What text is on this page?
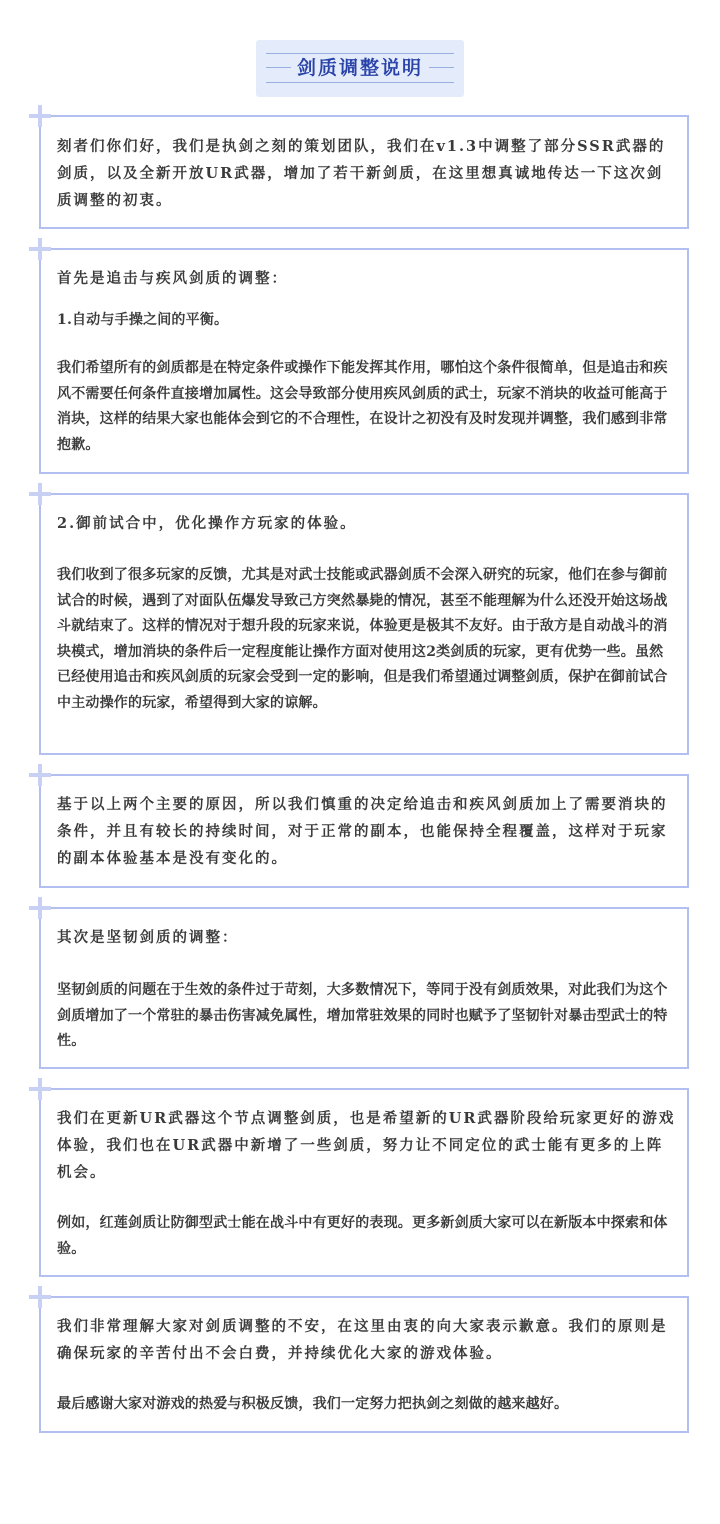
剑质调整说明

刻者们你们好，我们是执剑之刻的策划团队，我们在v1.3中调整了部分SSR武器的剑质，以及全新开放UR武器，增加了若干新剑质，在这里想真诚地传达一下这次剑质调整的初衷。

首先是追击与疾风剑质的调整：

1.自动与手操之间的平衡。

我们希望所有的剑质都是在特定条件或操作下能发挥其作用，哪怕这个条件很简单，但是追击和疾风不需要任何条件直接增加属性。这会导致部分使用疾风剑质的武士，玩家不消块的收益可能高于消块，这样的结果大家也能体会到它的不合理性，在设计之初没有及时发现并调整，我们感到非常抱歉。

2.御前试合中，优化操作方玩家的体验。

我们收到了很多玩家的反馈，尤其是对武士技能或武器剑质不会深入研究的玩家，他们在参与御前试合的时候，遇到了对面队伍爆发导致己方突然暴毙的情况，甚至不能理解为什么还没开始这场战斗就结束了。这样的情况对于想升段的玩家来说，体验更是极其不友好。由于敌方是自动战斗的消块模式，增加消块的条件后一定程度能让操作方面对使用这2类剑质的玩家，更有优势一些。虽然已经使用追击和疾风剑质的玩家会受到一定的影响，但是我们希望通过调整剑质，保护在御前试合中主动操作的玩家，希望得到大家的谅解。

基于以上两个主要的原因，所以我们慎重的决定给追击和疾风剑质加上了需要消块的条件，并且有较长的持续时间，对于正常的副本，也能保持全程覆盖，这样对于玩家的副本体验基本是没有变化的。

其次是坚韧剑质的调整：

坚韧剑质的问题在于生效的条件过于苛刻，大多数情况下，等同于没有剑质效果，对此我们为这个剑质增加了一个常驻的暴击伤害减免属性，增加常驻效果的同时也赋予了坚韧针对暴击型武士的特性。

我们在更新UR武器这个节点调整剑质，也是希望新的UR武器阶段给玩家更好的游戏体验，我们也在UR武器中新增了一些剑质，努力让不同定位的武士能有更多的上阵机会。

例如，红莲剑质让防御型武士能在战斗中有更好的表现。更多新剑质大家可以在新版本中探索和体验。

我们非常理解大家对剑质调整的不安，在这里由衷的向大家表示歉意。我们的原则是确保玩家的辛苦付出不会白费，并持续优化大家的游戏体验。

最后感谢大家对游戏的热爱与积极反馈，我们一定努力把执剑之刻做的越来越好。
